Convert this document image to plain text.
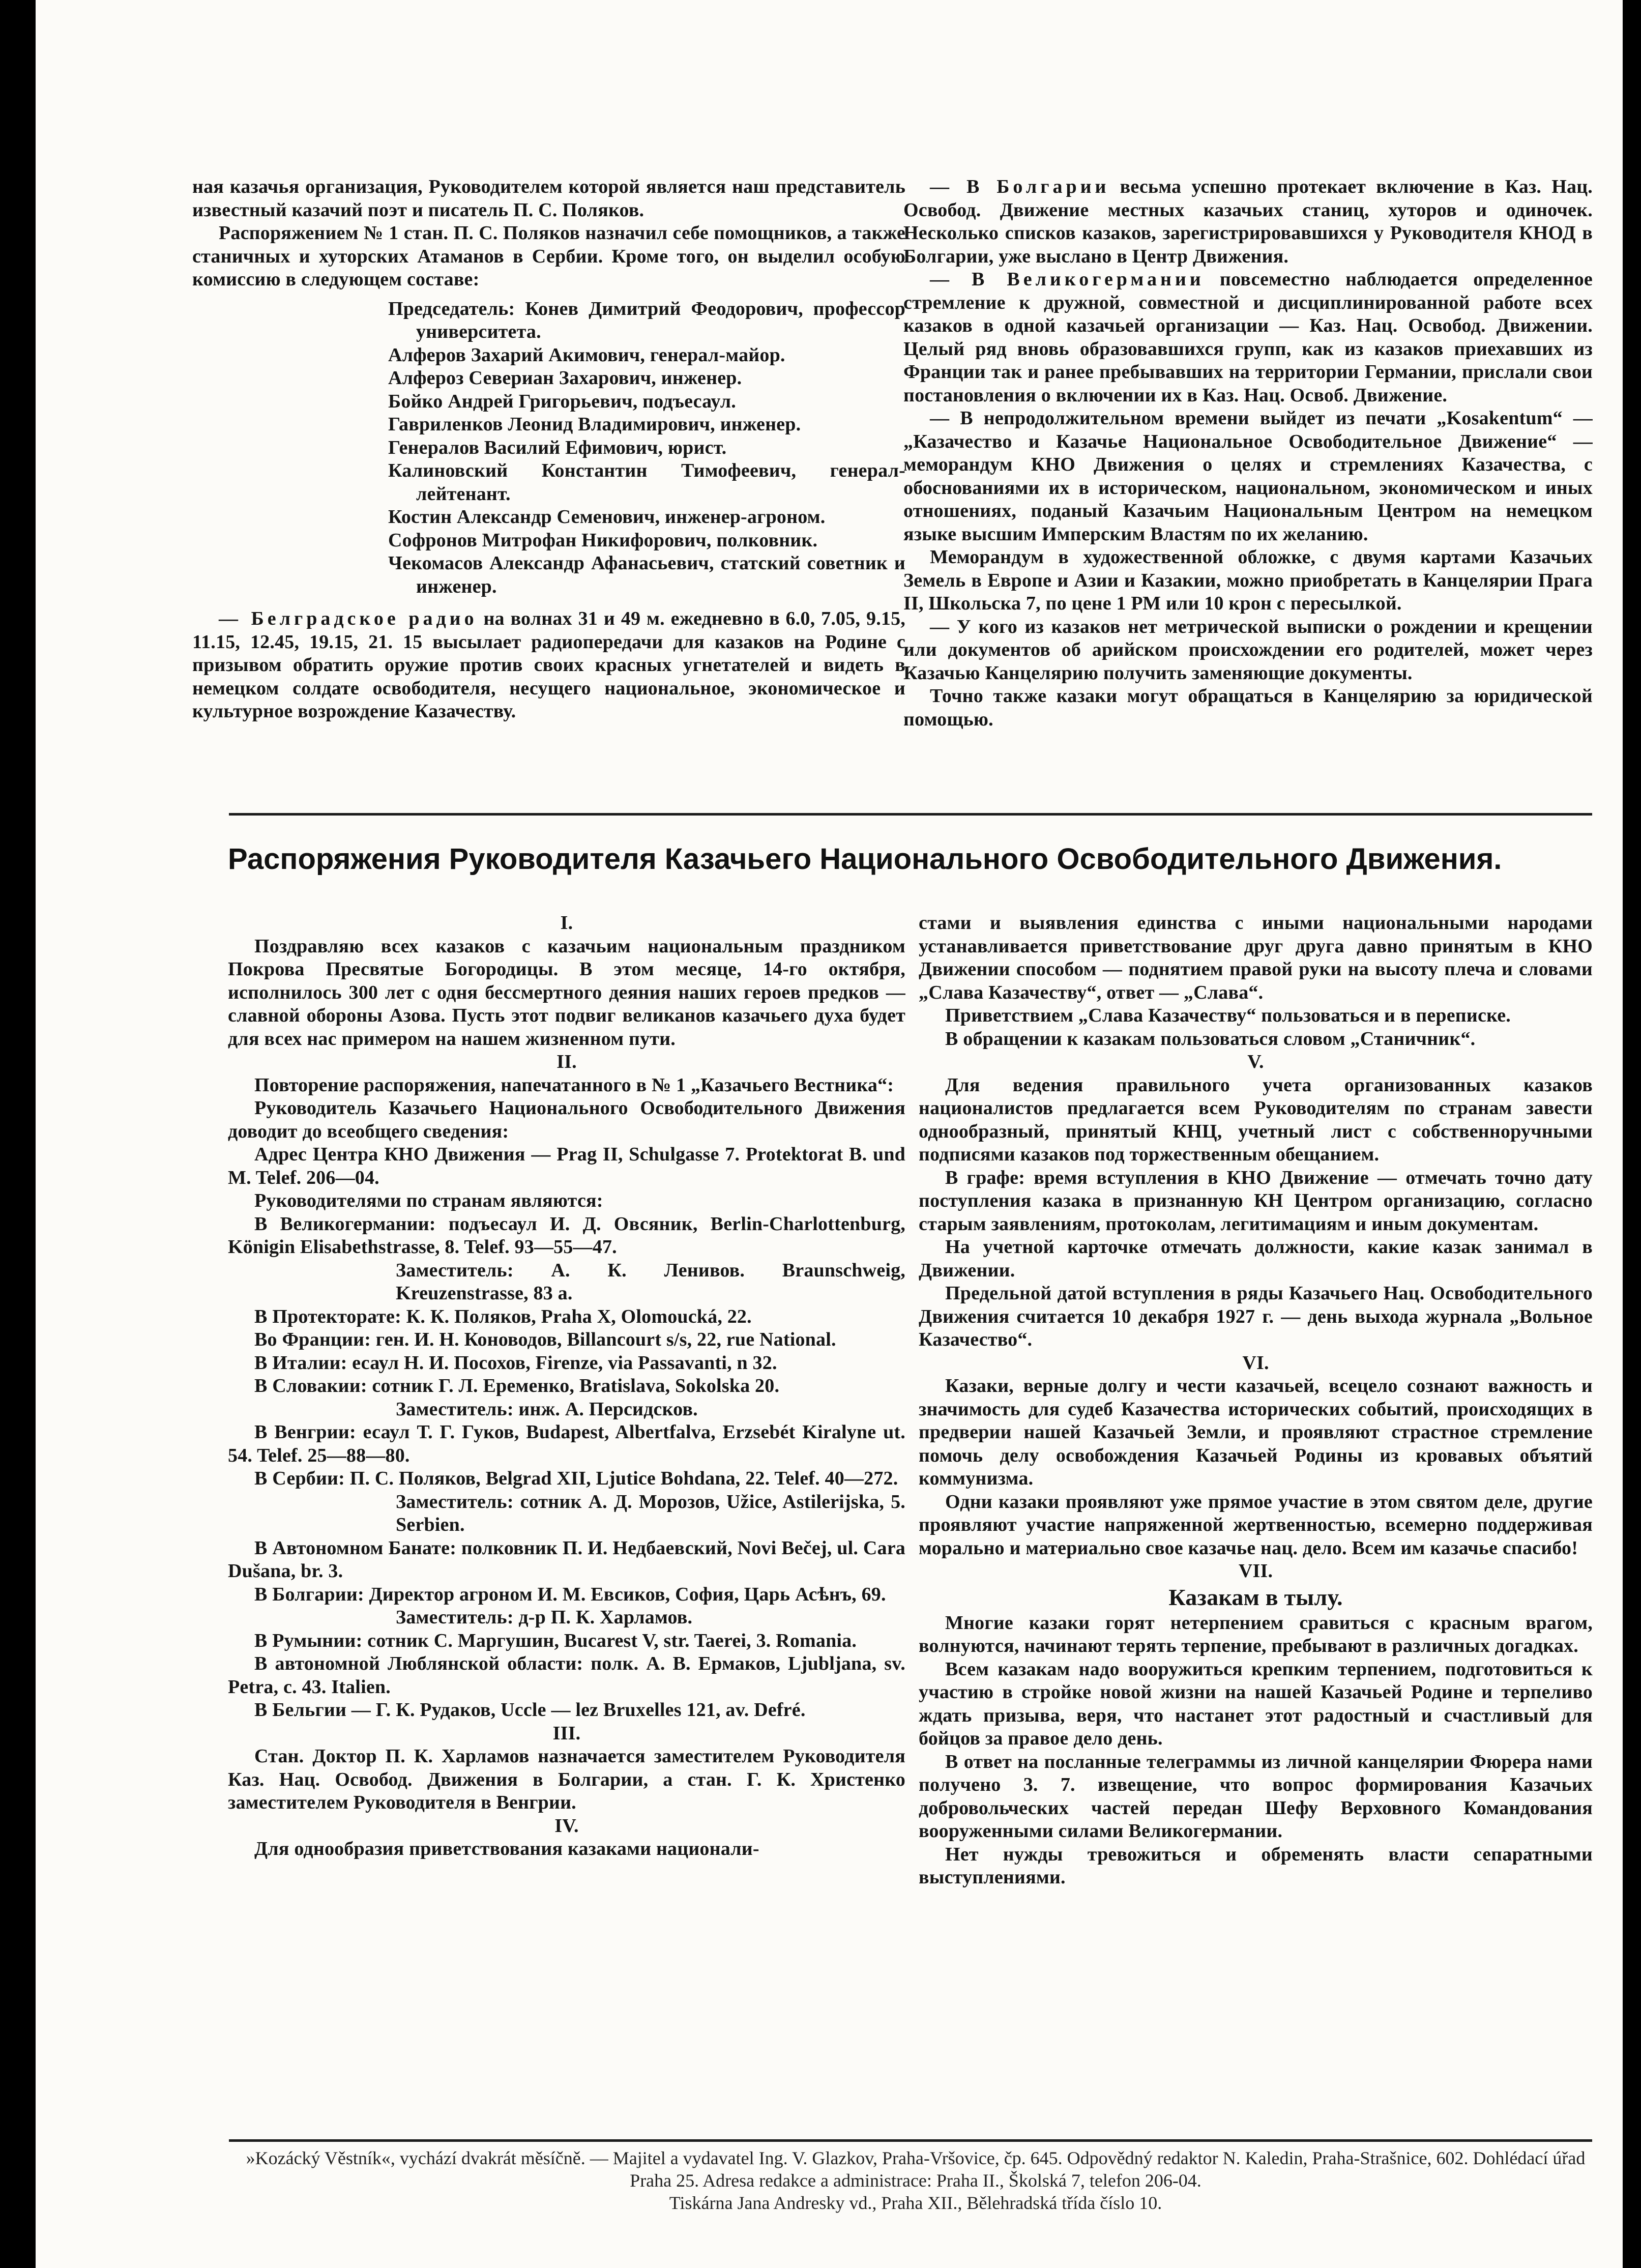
ная казачья организация, Руководителем которой является наш представитель известный казачий поэт и писатель П. С. Поляков.

Распоряжением № 1 стан. П. С. Поляков назначил себе помощников, а также станичных и хуторских Атаманов в Сербии. Кроме того, он выделил особую комиссию в следующем составе:

Председатель: Конев Димитрий Феодорович, профессор университета.

Алферов Захарий Акимович, генерал-майор.

Алфероз Севериан Захарович, инженер.

Бойко Андрей Григорьевич, подъесаул.

Гавриленков Леонид Владимирович, инженер.

Генералов Василий Ефимович, юрист.

Калиновский Константин Тимофеевич, генерал-лейтенант.

Костин Александр Семенович, инженер-агроном.

Софронов Митрофан Никифорович, полковник.

Чекомасов Александр Афанасьевич, статский советник и инженер.

— Белградское радио на волнах 31 и 49 м. ежедневно в 6.0, 7.05, 9.15, 11.15, 12.45, 19.15, 21. 15 высылает радиопередачи для казаков на Родине с призывом обратить оружие против своих красных угнетателей и видеть в немецком солдате освободителя, несущего национальное, экономическое и культурное возрождение Казачеству.

— В Болгарии весьма успешно протекает включение в Каз. Нац. Освобод. Движение местных казачьих станиц, хуторов и одиночек. Несколько списков казаков, зарегистрировавшихся у Руководителя КНОД в Болгарии, уже выслано в Центр Движения.

— В Великогермании повсеместно наблюдается определенное стремление к дружной, совместной и дисциплинированной работе всех казаков в одной казачьей организации — Каз. Нац. Освобод. Движении. Целый ряд вновь образовавшихся групп, как из казаков приехавших из Франции так и ранее пребывавших на территории Германии, прислали свои постановления о включении их в Каз. Нац. Освоб. Движение.

— В непродолжительном времени выйдет из печати „Kosakentum“ — „Казачество и Казачье Национальное Освободительное Движение“ — меморандум КНО Движения о целях и стремлениях Казачества, с обоснованиями их в историческом, национальном, экономическом и иных отношениях, поданый Казачьим Национальным Центром на немецком языке высшим Имперским Властям по их желанию.

Меморандум в художественной обложке, с двумя картами Казачьих Земель в Европе и Азии и Казакии, можно приобретать в Канцелярии Прага II, Школьска 7, по цене 1 РМ или 10 крон с пересылкой.

— У кого из казаков нет метрической выписки о рождении и крещении или документов об арийском происхождении его родителей, может через Казачью Канцелярию получить заменяющие документы.

Точно также казаки могут обращаться в Канцелярию за юридической помощью.

Распоряжения Руководителя Казачьего Национального Освободительного Движения.

I.

Поздравляю всех казаков с казачьим национальным праздником Покрова Пресвятые Богородицы. В этом месяце, 14-го октября, исполнилось 300 лет с одня бессмертного деяния наших героев предков — славной обороны Азова. Пусть этот подвиг великанов казачьего духа будет для всех нас примером на нашем жизненном пути.

II.

Повторение распоряжения, напечатанного в № 1 „Казачьего Вестника“:

Руководитель Казачьего Национального Освободительного Движения доводит до всеобщего сведения:

Адрес Центра КНО Движения — Prag II, Schulgasse 7. Protektorat B. und M. Telef. 206—04.

Руководителями по странам являются:

В Великогермании: подъесаул И. Д. Овсяник, Berlin-Charlottenburg, Königin Elisabethstrasse, 8. Telef. 93—55—47.

Заместитель: А. К. Ленивов. Braunschweig, Kreuzenstrasse, 83 a.

В Протекторате: К. К. Поляков, Praha X, Olomoucká, 22.

Во Франции: ген. И. Н. Коноводов, Billancourt s/s, 22, rue National.

В Италии: есаул Н. И. Посохов, Firenze, via Passavanti, n 32.

В Словакии: сотник Г. Л. Еременко, Bratislava, Sokolska 20.

Заместитель: инж. А. Персидсков.

В Венгрии: есаул Т. Г. Гуков, Budapest, Albertfalva, Erzsebét Kiralyne ut. 54. Telef. 25—88—80.

В Сербии: П. С. Поляков, Belgrad XII, Ljutice Bohdana, 22. Telef. 40—272.

Заместитель: сотник А. Д. Морозов, Užice, Astilerijska, 5. Serbien.

В Автономном Банате: полковник П. И. Недбаевский, Novi Bečej, ul. Cara Dušana, br. 3.

В Болгарии: Директор агроном И. М. Евсиков, София, Царь Асѣнъ, 69.

Заместитель: д-р П. К. Харламов.

В Румынии: сотник С. Маргушин, Bucarest V, str. Taerei, 3. Romania.

В автономной Люблянской области: полк. А. В. Ермаков, Ljubljana, sv. Petra, c. 43. Italien.

В Бельгии — Г. К. Рудаков, Uccle — lez Bruxelles 121, av. Defré.

III.

Стан. Доктор П. К. Харламов назначается заместителем Руководителя Каз. Нац. Освобод. Движения в Болгарии, а стан. Г. К. Христенко заместителем Руководителя в Венгрии.

IV.

Для однообразия приветствования казаками национали-

стами и выявления единства с иными национальными народами устанавливается приветствование друг друга давно принятым в КНО Движении способом — поднятием правой руки на высоту плеча и словами „Слава Казачеству“, ответ — „Слава“.

Приветствием „Слава Казачеству“ пользоваться и в переписке.

В обращении к казакам пользоваться словом „Станичник“.

V.

Для ведения правильного учета организованных казаков националистов предлагается всем Руководителям по странам завести однообразный, принятый КНЦ, учетный лист с собственноручными подписями казаков под торжественным обещанием.

В графе: время вступления в КНО Движение — отмечать точно дату поступления казака в признанную КН Центром организацию, согласно старым заявлениям, протоколам, легитимациям и иным документам.

На учетной карточке отмечать должности, какие казак занимал в Движении.

Предельной датой вступления в ряды Казачьего Нац. Освободительного Движения считается 10 декабря 1927 г. — день выхода журнала „Вольное Казачество“.

VI.

Казаки, верные долгу и чести казачьей, всецело сознают важность и значимость для судеб Казачества исторических событий, происходящих в предверии нашей Казачьей Земли, и проявляют страстное стремление помочь делу освобождения Казачьей Родины из кровавых объятий коммунизма.

Одни казаки проявляют уже прямое участие в этом святом деле, другие проявляют участие напряженной жертвенностью, всемерно поддерживая морально и материально свое казачье нац. дело. Всем им казачье спасибо!

VII.

Казакам в тылу.

Многие казаки горят нетерпением сравиться с красным врагом, волнуются, начинают терять терпение, пребывают в различных догадках.

Всем казакам надо вооружиться крепким терпением, подготовиться к участию в стройке новой жизни на нашей Казачьей Родине и терпеливо ждать призыва, веря, что настанет этот радостный и счастливый для бойцов за правое дело день.

В ответ на посланные телеграммы из личной канцелярии Фюрера нами получено 3. 7. извещение, что вопрос формирования Казачьих добровольческих частей передан Шефу Верховного Командования вооруженными силами Великогермании.

Нет нужды тревожиться и обременять власти сепаратными выступлениями.

»Kozácký Věstník«, vychází dvakrát měsíčně. — Majitel a vydavatel Ing. V. Glazkov, Praha-Vršovice, čp. 645. Odpovědný redaktor N. Kaledin, Praha-Strašnice, 602. Dohlédací úřad Praha 25. Adresa redakce a administrace: Praha II., Školská 7, telefon 206-04.

Tiskárna Jana Andresky vd., Praha XII., Bělehradská třída číslo 10.
